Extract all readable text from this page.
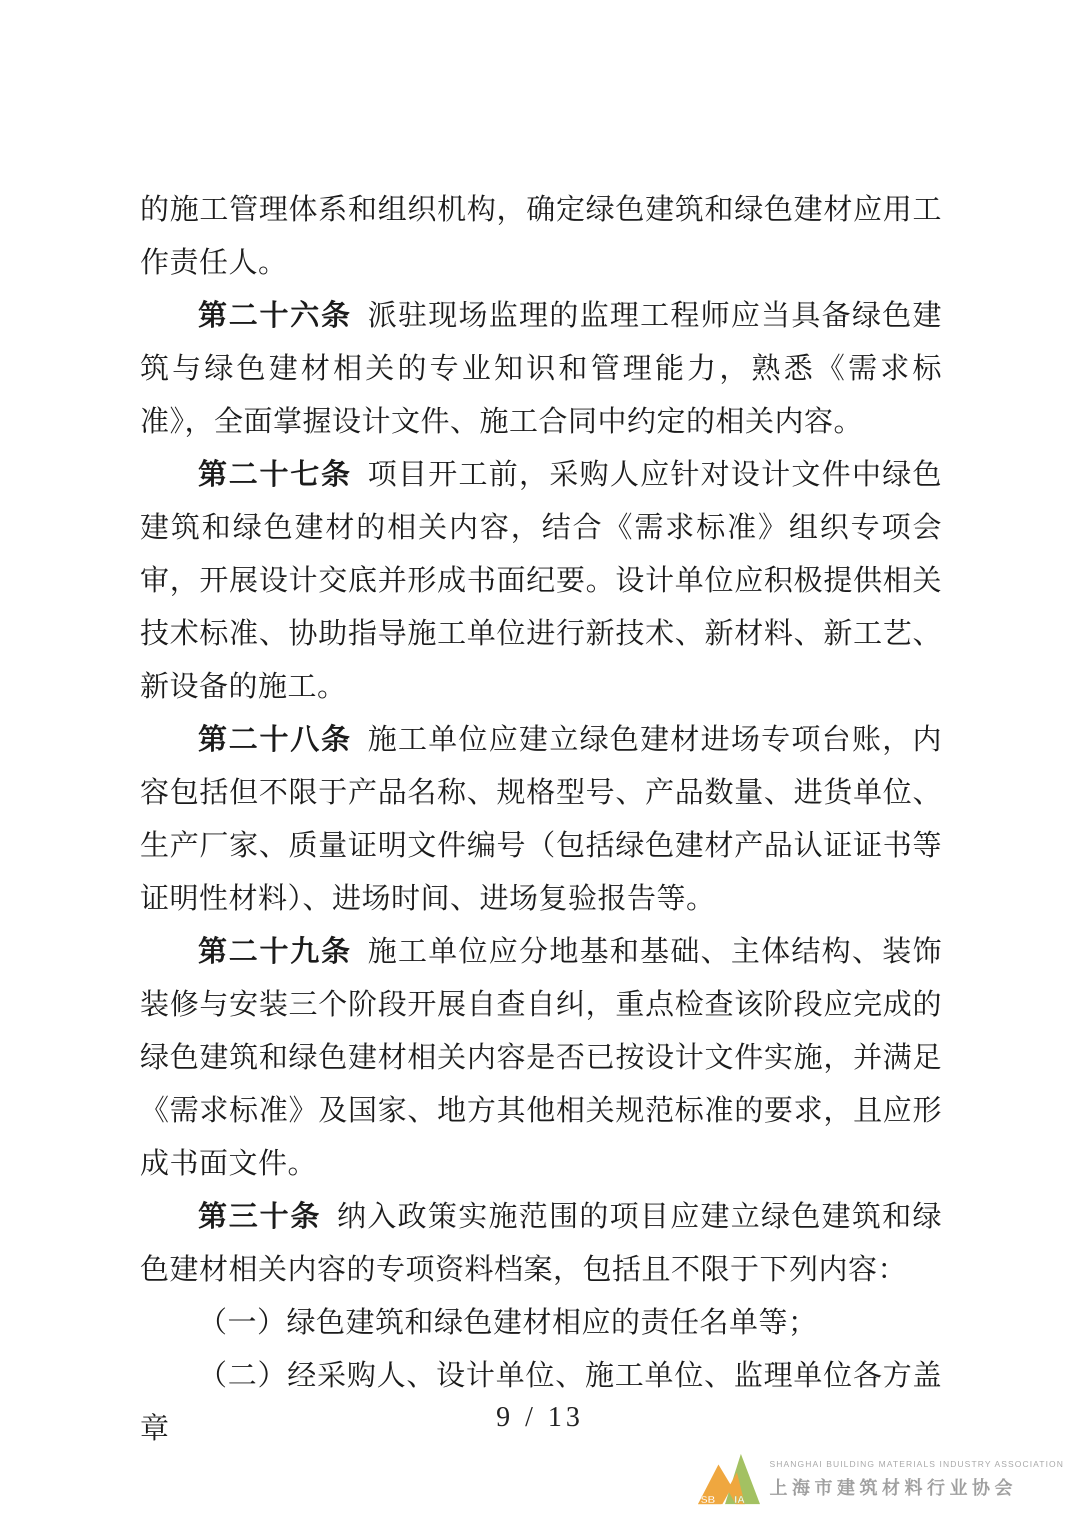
的施工管理体系和组织机构，确定绿色建筑和绿色建材应用工作责任人。

第二十六条 派驻现场监理的监理工程师应当具备绿色建筑与绿色建材相关的专业知识和管理能力，熟悉《需求标准》，全面掌握设计文件、施工合同中约定的相关内容。

第二十七条 项目开工前，采购人应针对设计文件中绿色建筑和绿色建材的相关内容，结合《需求标准》组织专项会审，开展设计交底并形成书面纪要。设计单位应积极提供相关技术标准、协助指导施工单位进行新技术、新材料、新工艺、新设备的施工。

第二十八条 施工单位应建立绿色建材进场专项台账，内容包括但不限于产品名称、规格型号、产品数量、进货单位、生产厂家、质量证明文件编号（包括绿色建材产品认证证书等证明性材料）、进场时间、进场复验报告等。

第二十九条 施工单位应分地基和基础、主体结构、装饰装修与安装三个阶段开展自查自纠，重点检查该阶段应完成的绿色建筑和绿色建材相关内容是否已按设计文件实施，并满足《需求标准》及国家、地方其他相关规范标准的要求，且应形成书面文件。

第三十条 纳入政策实施范围的项目应建立绿色建筑和绿色建材相关内容的专项资料档案，包括且不限于下列内容：

（一）绿色建筑和绿色建材相应的责任名单等；

（二）经采购人、设计单位、施工单位、监理单位各方盖章	9 / 13
SB IA
SHANGHAI BUILDING MATERIALS INDUSTRY ASSOCIATION
上海市建筑材料行业协会
